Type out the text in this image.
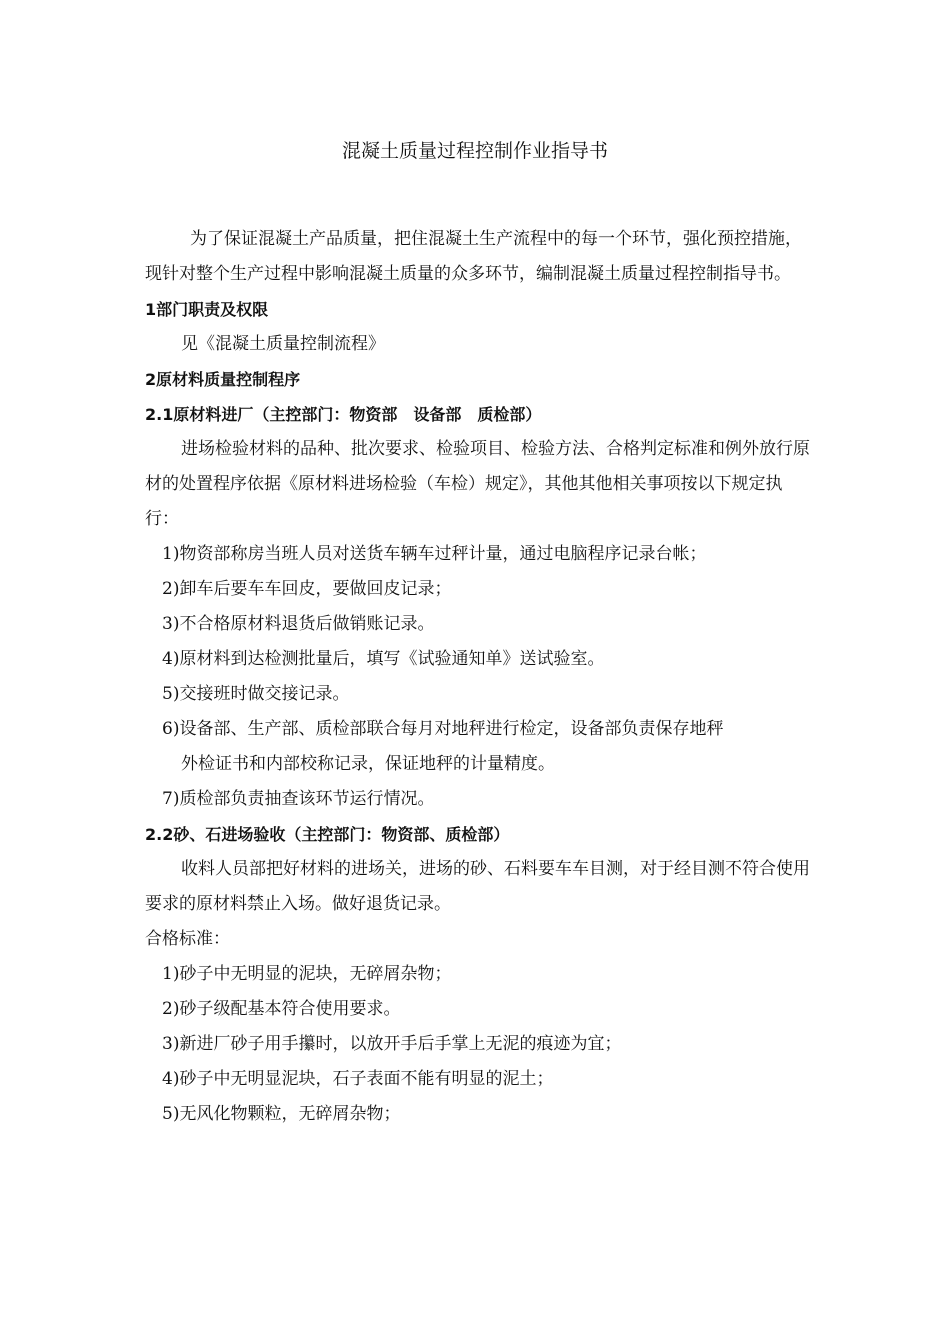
混凝土质量过程控制作业指导书

为了保证混凝土产品质量，把住混凝土生产流程中的每一个环节，强化预控措施，现针对整个生产过程中影响混凝土质量的众多环节，编制混凝土质量过程控制指导书。

1部门职责及权限

见《混凝土质量控制流程》

2原材料质量控制程序

2.1原材料进厂（主控部门：物资部　设备部　质检部）

进场检验材料的品种、批次要求、检验项目、检验方法、合格判定标准和例外放行原材的处置程序依据《原材料进场检验（车检）规定》，其他其他相关事项按以下规定执行：

1)物资部称房当班人员对送货车辆车过秤计量，通过电脑程序记录台帐；

2)卸车后要车车回皮，要做回皮记录；

3)不合格原材料退货后做销账记录。

4)原材料到达检测批量后，填写《试验通知单》送试验室。

5)交接班时做交接记录。

6)设备部、生产部、质检部联合每月对地秤进行检定，设备部负责保存地秤

外检证书和内部校称记录，保证地秤的计量精度。

7)质检部负责抽查该环节运行情况。

2.2砂、石进场验收（主控部门：物资部、质检部）

收料人员部把好材料的进场关，进场的砂、石料要车车目测，对于经目测不符合使用要求的原材料禁止入场。做好退货记录。

合格标准：

1)砂子中无明显的泥块，无碎屑杂物；

2)砂子级配基本符合使用要求。

3)新进厂砂子用手攥时，以放开手后手掌上无泥的痕迹为宜；

4)砂子中无明显泥块，石子表面不能有明显的泥土；

5)无风化物颗粒，无碎屑杂物；
